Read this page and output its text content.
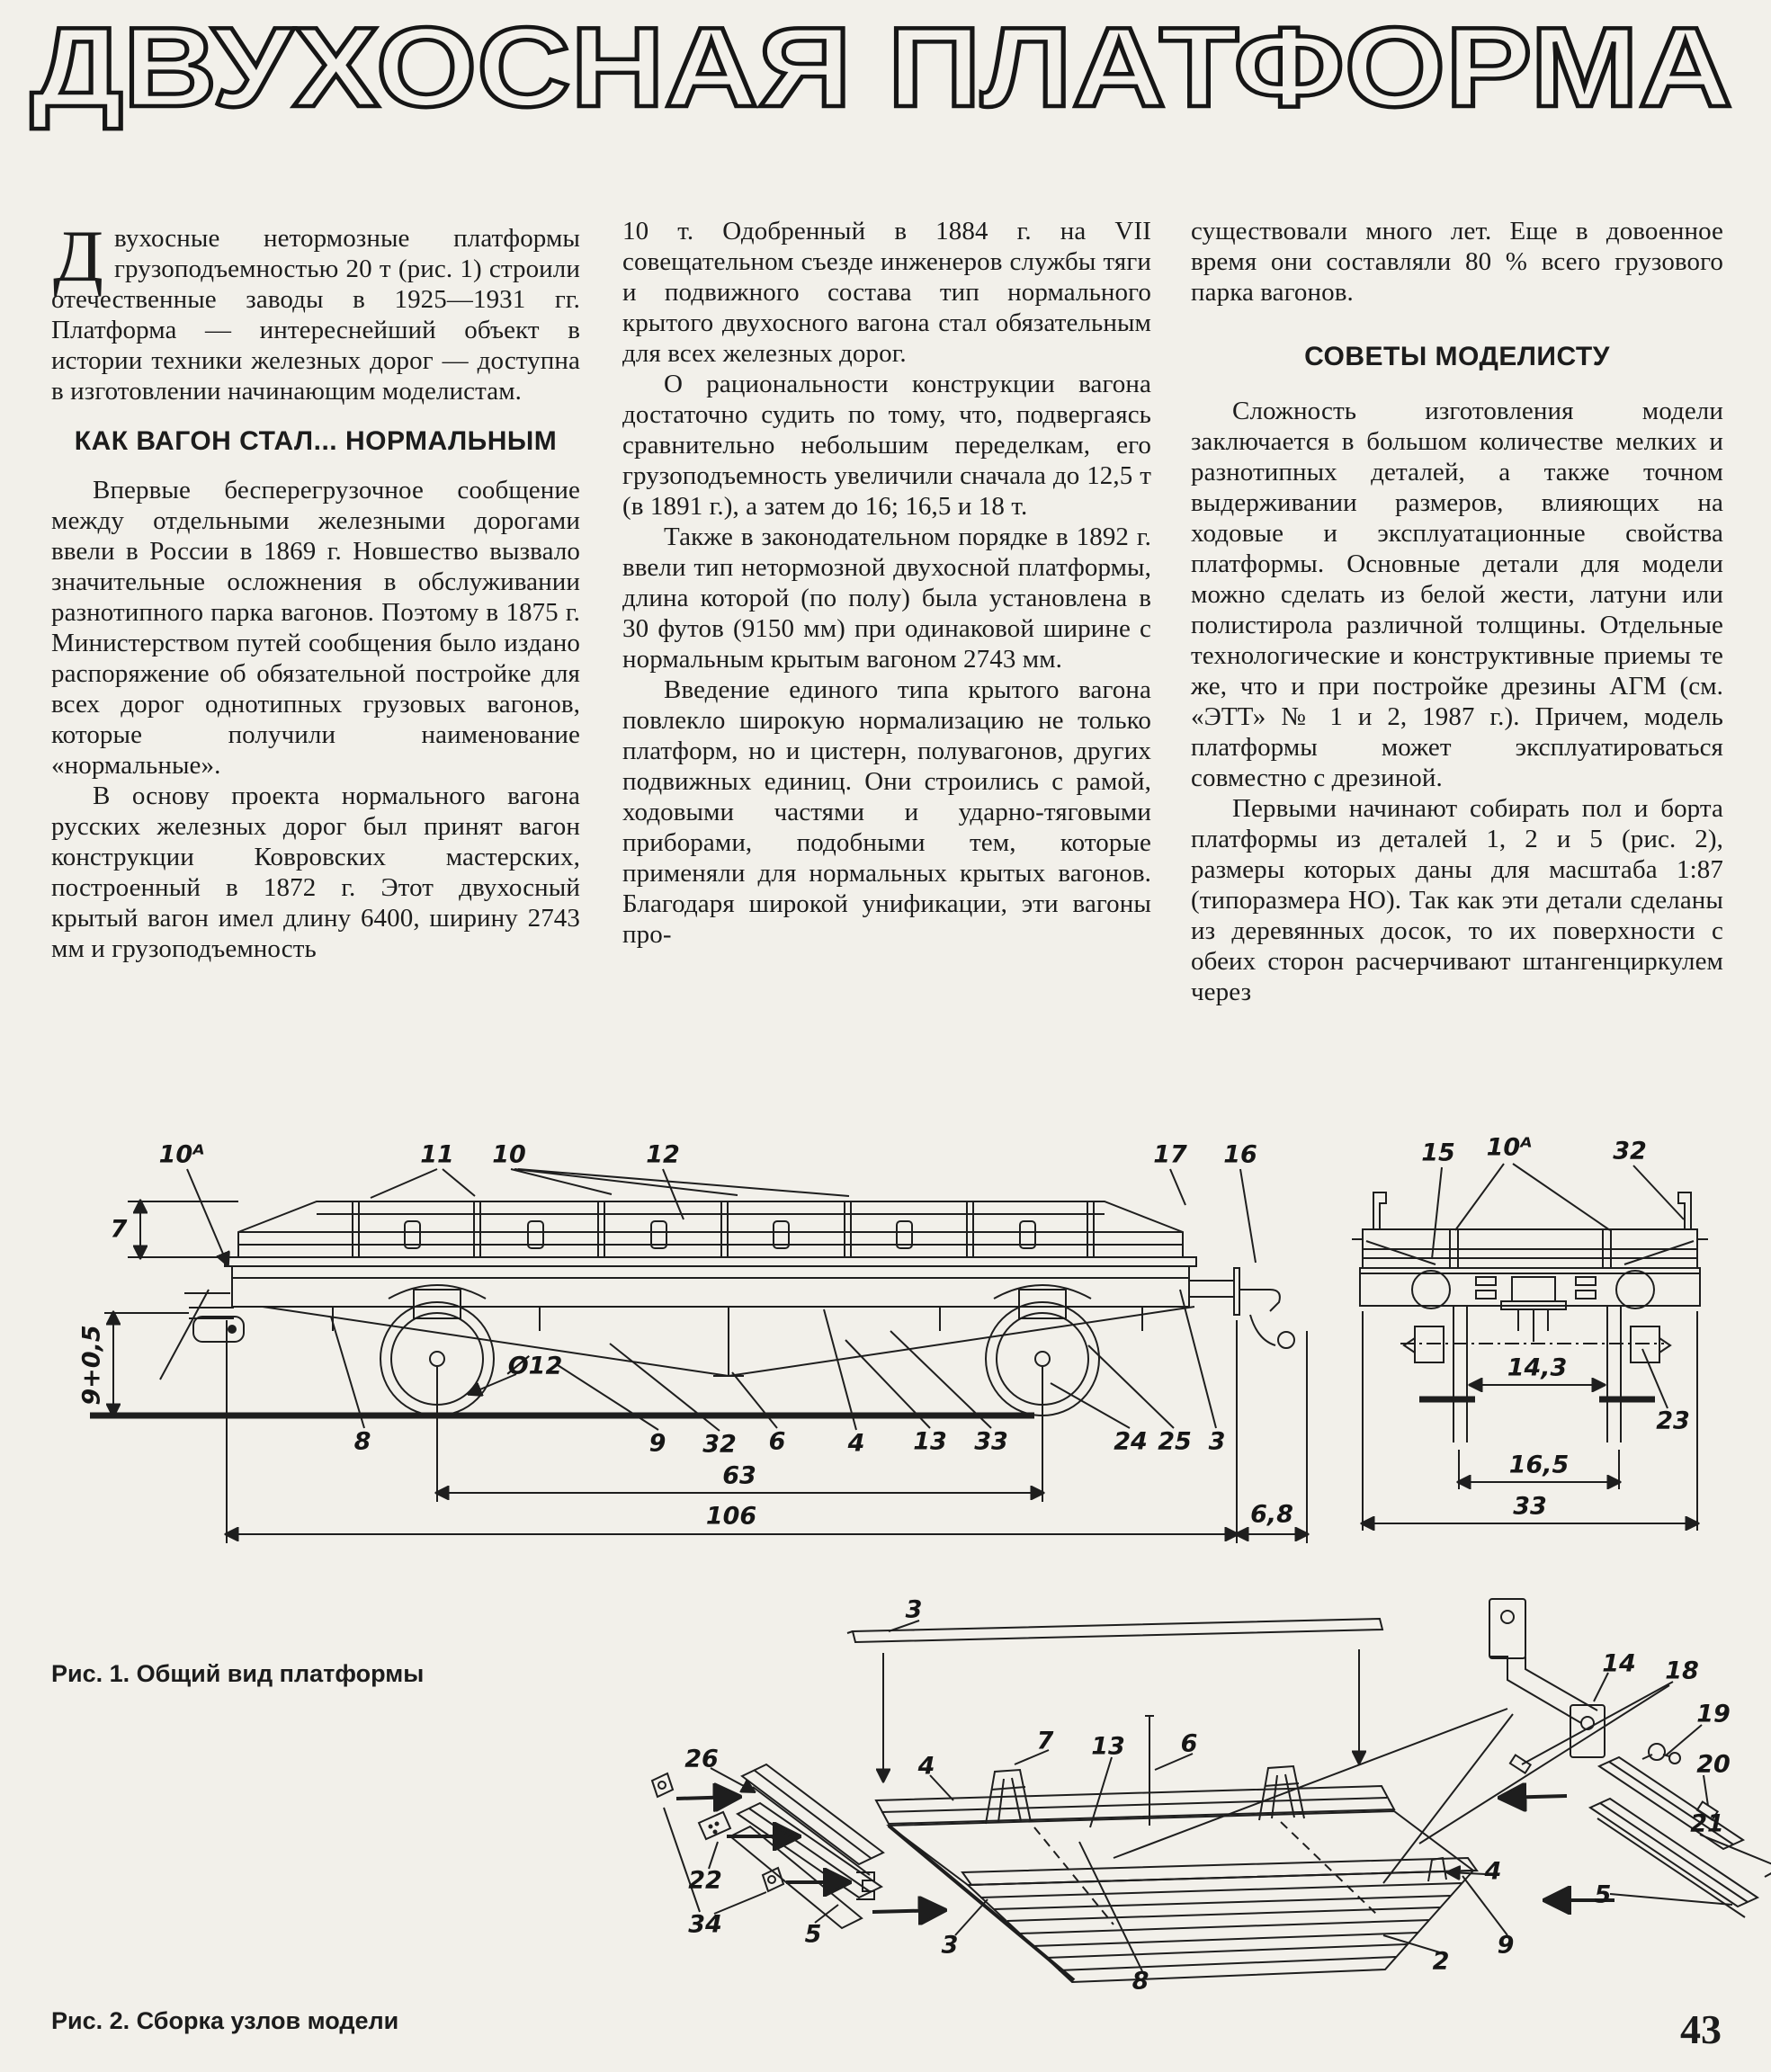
ДВУХОСНАЯ ПЛАТФОРМА

Двухосные нетормозные платформы грузоподъемностью 20 т (рис. 1) строили отечественные заводы в 1925—1931 гг. Платформа — интереснейший объект в истории техники железных дорог — доступна в изготовлении начинающим моделистам.

КАК ВАГОН СТАЛ... НОРМАЛЬНЫМ

Впервые бесперегрузочное сообщение между отдельными железными дорогами ввели в России в 1869 г. Новшество вызвало значительные осложнения в обслуживании разнотипного парка вагонов. Поэтому в 1875 г. Министерством путей сообщения было издано распоряжение об обязательной постройке для всех дорог однотипных грузовых вагонов, которые получили наименование «нормальные».

В основу проекта нормального вагона русских железных дорог был принят вагон конструкции Ковровских мастерских, построенный в 1872 г. Этот двухосный крытый вагон имел длину 6400, ширину 2743 мм и грузоподъемность

10 т. Одобренный в 1884 г. на VII совещательном съезде инженеров службы тяги и подвижного состава тип нормального крытого двухосного вагона стал обязательным для всех железных дорог.

О рациональности конструкции вагона достаточно судить по тому, что, подвергаясь сравнительно небольшим переделкам, его грузоподъемность увеличили сначала до 12,5 т (в 1891 г.), а затем до 16; 16,5 и 18 т.

Также в законодательном порядке в 1892 г. ввели тип нетормозной двухосной платформы, длина которой (по полу) была установлена в 30 футов (9150 мм) при одинаковой ширине с нормальным крытым вагоном 2743 мм.

Введение единого типа крытого вагона повлекло широкую нормализацию не только платформ, но и цистерн, полувагонов, других подвижных единиц. Они строились с рамой, ходовыми частями и ударно-тяговыми приборами, подобными тем, которые применяли для нормальных крытых вагонов. Благодаря широкой унификации, эти вагоны про-

существовали много лет. Еще в довоенное время они составляли 80 % всего грузового парка вагонов.

СОВЕТЫ МОДЕЛИСТУ

Сложность изготовления модели заключается в большом количестве мелких и разнотипных деталей, а также точном выдерживании размеров, влияющих на ходовые и эксплуатационные свойства платформы. Основные детали для модели можно сделать из белой жести, латуни или полистирола различной толщины. Отдельные технологические и конструктивные приемы те же, что и при постройке дрезины АГМ (см. «ЭТТ» № 1 и 2, 1987 г.). Причем, модель платформы может эксплуатироваться совместно с дрезиной.

Первыми начинают собирать пол и борта платформы из деталей 1, 2 и 5 (рис. 2), размеры которых даны для масштаба 1:87 (типоразмера НО). Так как эти детали сделаны из деревянных досок, то их поверхности с обеих сторон расчерчивают штангенциркулем через

10ᴬ	11 10	12	17 16	15 10ᴬ	32
7
9+0,5	Ø12
8	9 32 6	4 13 33	24 25 3
63
106	6,8
14,3
16,5
33
23

Рис. 1. Общий вид платформы

3
14 18
19
20
21
26	4
7 13 6
22
34	5	3
8
2
9
4
5

Рис. 2. Сборка узлов модели	43
